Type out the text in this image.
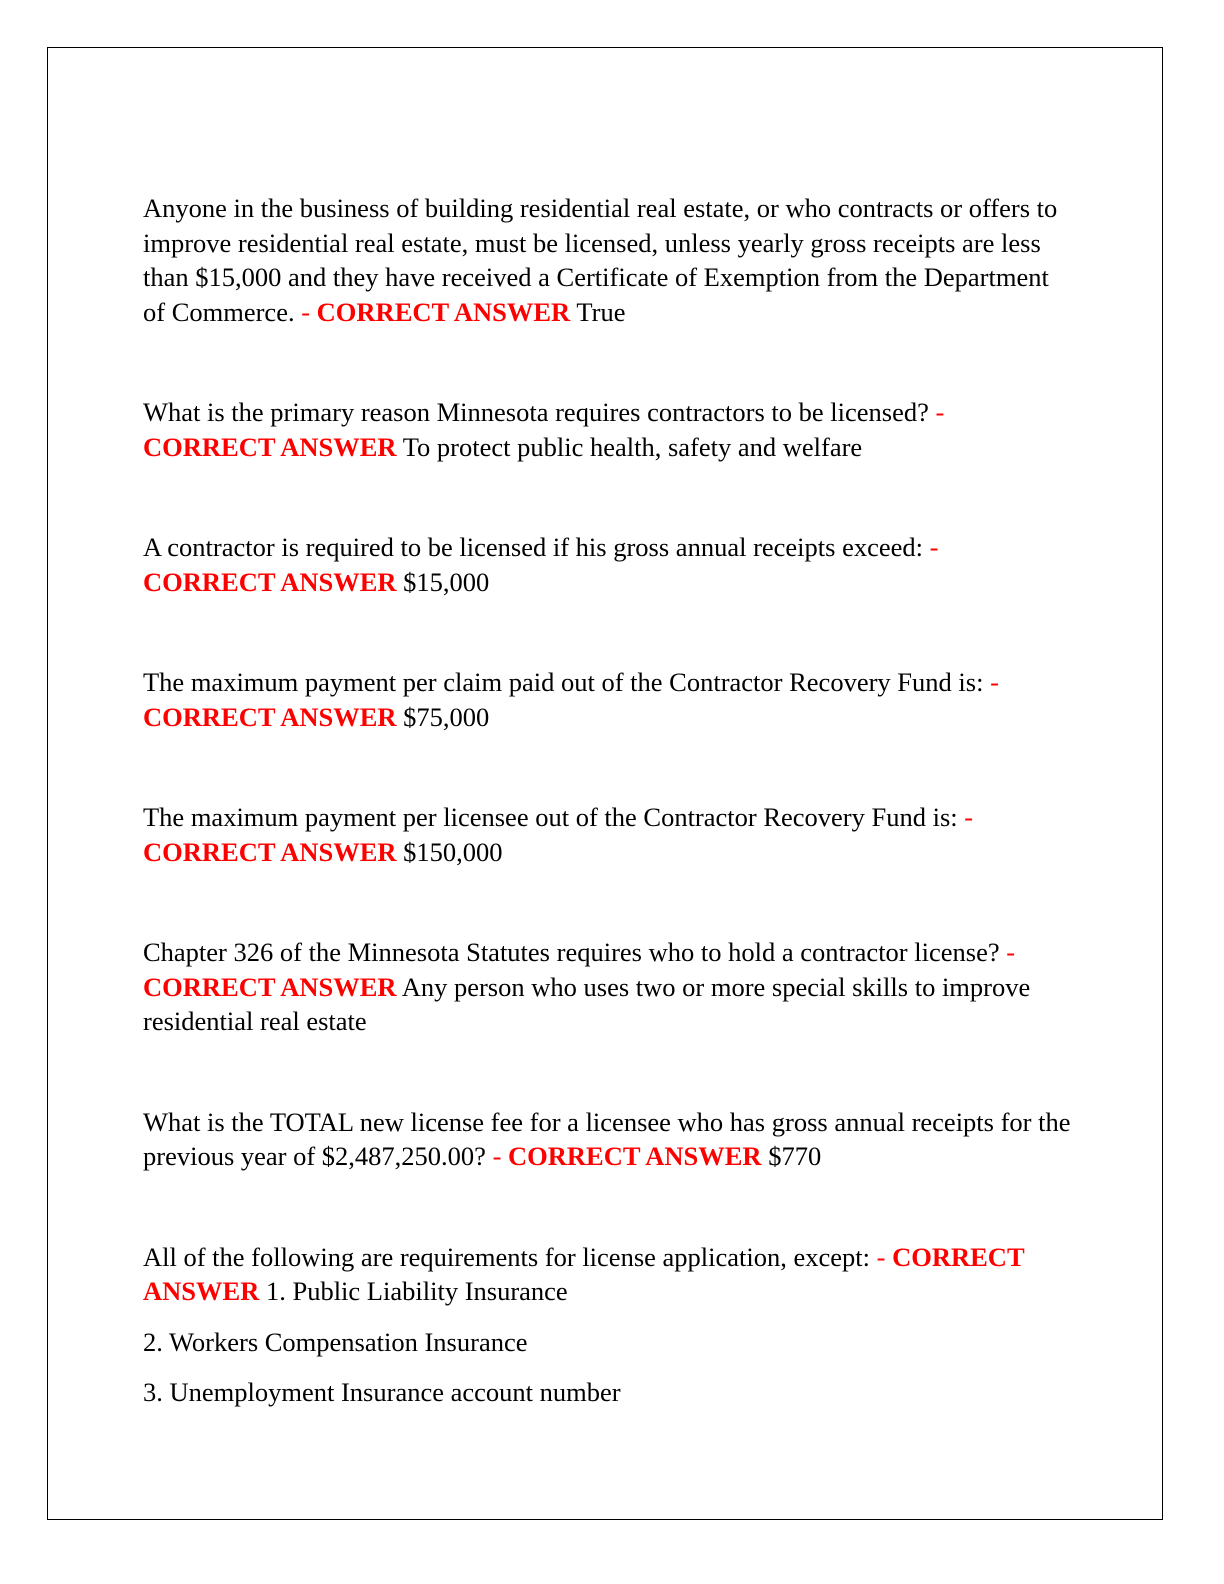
Anyone in the business of building residential real estate, or who contracts or offers to improve residential real estate, must be licensed, unless yearly gross receipts are less than $15,000 and they have received a Certificate of Exemption from the Department of Commerce. - CORRECT ANSWER True
What is the primary reason Minnesota requires contractors to be licensed? - CORRECT ANSWER To protect public health, safety and welfare
A contractor is required to be licensed if his gross annual receipts exceed: - CORRECT ANSWER $15,000
The maximum payment per claim paid out of the Contractor Recovery Fund is: - CORRECT ANSWER $75,000
The maximum payment per licensee out of the Contractor Recovery Fund is: - CORRECT ANSWER $150,000
Chapter 326 of the Minnesota Statutes requires who to hold a contractor license? - CORRECT ANSWER Any person who uses two or more special skills to improve residential real estate
What is the TOTAL new license fee for a licensee who has gross annual receipts for the previous year of $2,487,250.00? - CORRECT ANSWER $770
All of the following are requirements for license application, except: - CORRECT ANSWER 1. Public Liability Insurance
2. Workers Compensation Insurance
3. Unemployment Insurance account number
